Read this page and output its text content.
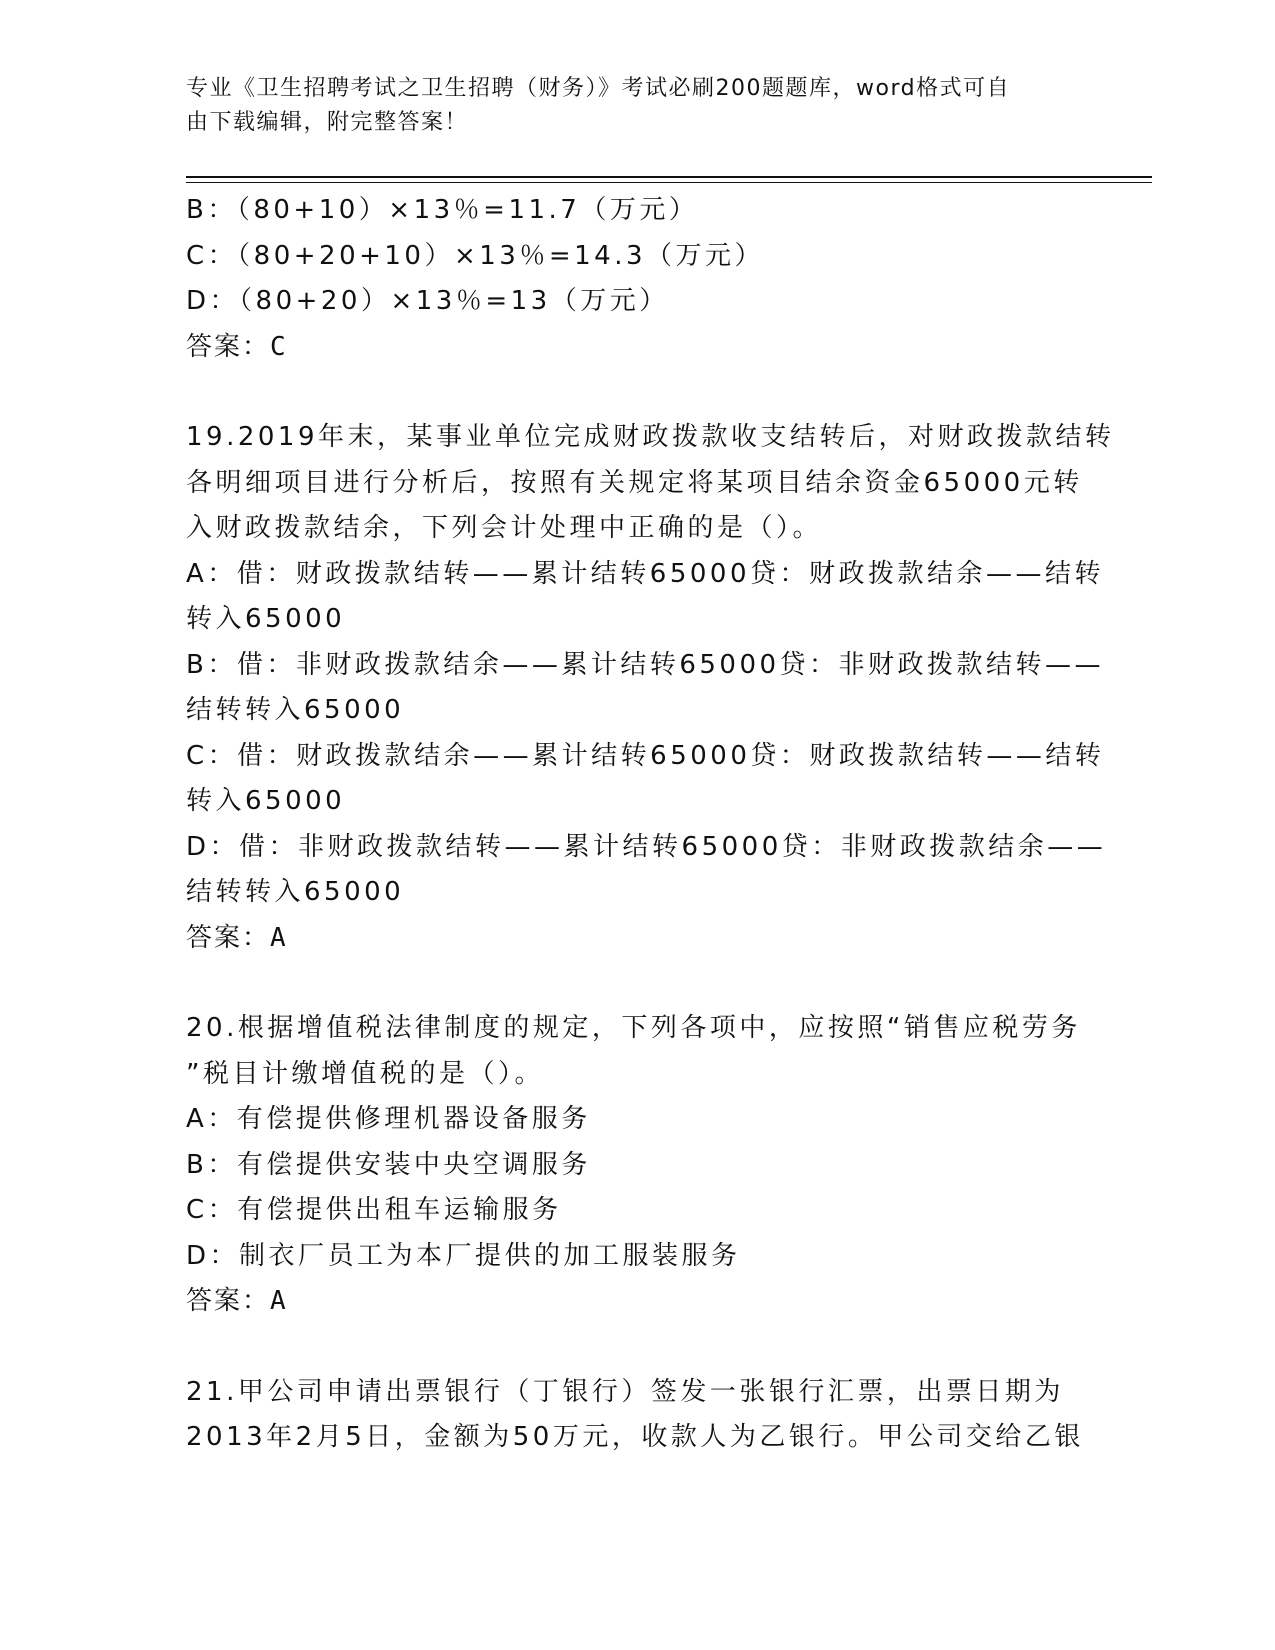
专业《卫生招聘考试之卫生招聘（财务）》考试必刷200题题库，word格式可自
由下载编辑，附完整答案！
B：（80+10）×13％=11.7（万元）
C：（80+20+10）×13％=14.3（万元）
D：（80+20）×13％=13（万元）
答案：C
19.2019年末，某事业单位完成财政拨款收支结转后，对财政拨款结转
各明细项目进行分析后，按照有关规定将某项目结余资金65000元转
入财政拨款结余，下列会计处理中正确的是（）。
A：借：财政拨款结转——累计结转65000贷：财政拨款结余——结转
转入65000
B：借：非财政拨款结余——累计结转65000贷：非财政拨款结转——
结转转入65000
C：借：财政拨款结余——累计结转65000贷：财政拨款结转——结转
转入65000
D：借：非财政拨款结转——累计结转65000贷：非财政拨款结余——
结转转入65000
答案：A
20.根据增值税法律制度的规定，下列各项中，应按照“销售应税劳务
”税目计缴增值税的是（）。
A：有偿提供修理机器设备服务
B：有偿提供安装中央空调服务
C：有偿提供出租车运输服务
D：制衣厂员工为本厂提供的加工服装服务
答案：A
21.甲公司申请出票银行（丁银行）签发一张银行汇票，出票日期为
2013年2月5日，金额为50万元，收款人为乙银行。甲公司交给乙银
